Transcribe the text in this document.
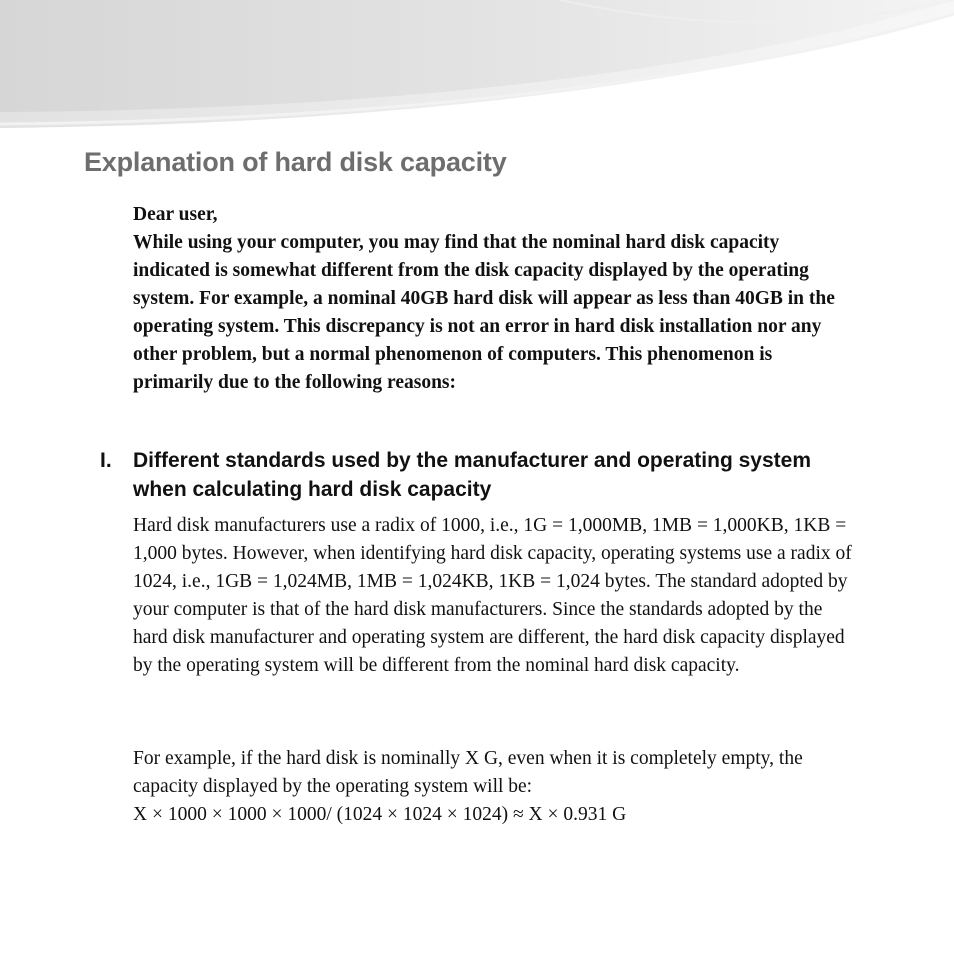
Explanation of hard disk capacity

Dear user,

While using your computer, you may find that the nominal hard disk capacity indicated is somewhat different from the disk capacity displayed by the operating system. For example, a nominal 40GB hard disk will appear as less than 40GB in the operating system. This discrepancy is not an error in hard disk installation nor any other problem, but a normal phenomenon of computers. This phenomenon is primarily due to the following reasons:

I. Different standards used by the manufacturer and operating system when calculating hard disk capacity

Hard disk manufacturers use a radix of 1000, i.e., 1G = 1,000MB, 1MB = 1,000KB, 1KB = 1,000 bytes. However, when identifying hard disk capacity, operating systems use a radix of 1024, i.e., 1GB = 1,024MB, 1MB = 1,024KB, 1KB = 1,024 bytes. The standard adopted by your computer is that of the hard disk manufacturers. Since the standards adopted by the hard disk manufacturer and operating system are different, the hard disk capacity displayed by the operating system will be different from the nominal hard disk capacity.

For example, if the hard disk is nominally X G, even when it is completely empty, the capacity displayed by the operating system will be:

X × 1000 × 1000 × 1000/ (1024 × 1024 × 1024) ≈ X × 0.931 G
